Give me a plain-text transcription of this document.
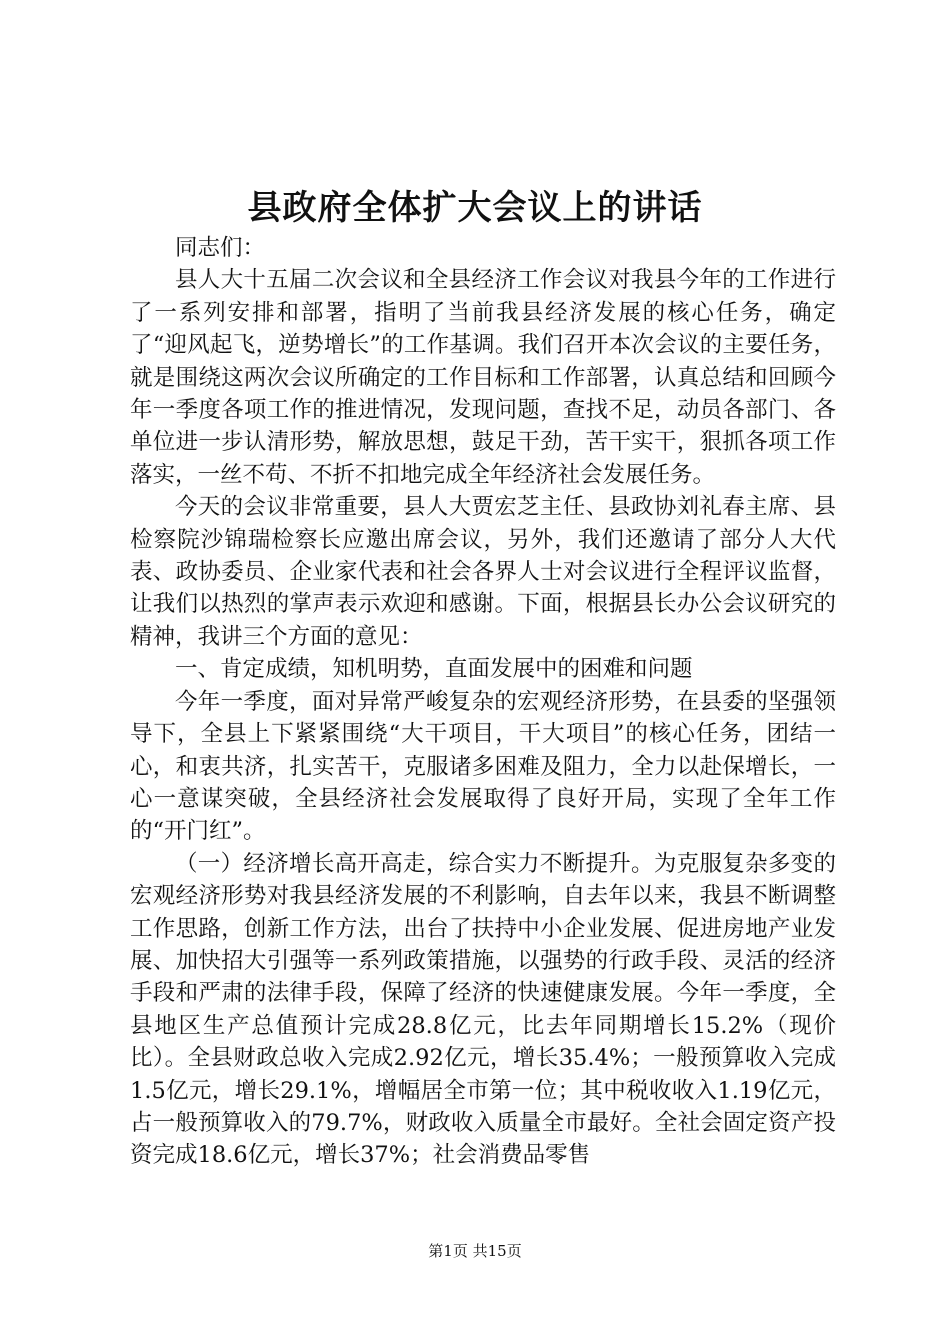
县政府全体扩大会议上的讲话

同志们：

县人大十五届二次会议和全县经济工作会议对我县今年的工作进行了一系列安排和部署，指明了当前我县经济发展的核心任务，确定了“迎风起飞，逆势增长”的工作基调。我们召开本次会议的主要任务，就是围绕这两次会议所确定的工作目标和工作部署，认真总结和回顾今年一季度各项工作的推进情况，发现问题，查找不足，动员各部门、各单位进一步认清形势，解放思想，鼓足干劲，苦干实干，狠抓各项工作落实，一丝不苟、不折不扣地完成全年经济社会发展任务。

今天的会议非常重要，县人大贾宏芝主任、县政协刘礼春主席、县检察院沙锦瑞检察长应邀出席会议，另外，我们还邀请了部分人大代表、政协委员、企业家代表和社会各界人士对会议进行全程评议监督，让我们以热烈的掌声表示欢迎和感谢。下面，根据县长办公会议研究的精神，我讲三个方面的意见：

一、肯定成绩，知机明势，直面发展中的困难和问题

今年一季度，面对异常严峻复杂的宏观经济形势，在县委的坚强领导下，全县上下紧紧围绕“大干项目，干大项目”的核心任务，团结一心，和衷共济，扎实苦干，克服诸多困难及阻力，全力以赴保增长，一心一意谋突破，全县经济社会发展取得了良好开局，实现了全年工作的“开门红”。

（一）经济增长高开高走，综合实力不断提升。为克服复杂多变的宏观经济形势对我县经济发展的不利影响，自去年以来，我县不断调整工作思路，创新工作方法，出台了扶持中小企业发展、促进房地产业发展、加快招大引强等一系列政策措施，以强势的行政手段、灵活的经济手段和严肃的法律手段，保障了经济的快速健康发展。今年一季度，全县地区生产总值预计完成28.8亿元，比去年同期增长15.2%（现价比）。全县财政总收入完成2.92亿元，增长35.4%；一般预算收入完成1.5亿元，增长29.1%，增幅居全市第一位；其中税收收入1.19亿元，占一般预算收入的79.7%，财政收入质量全市最好。全社会固定资产投资完成18.6亿元，增长37%；社会消费品零售

第1页 共15页
